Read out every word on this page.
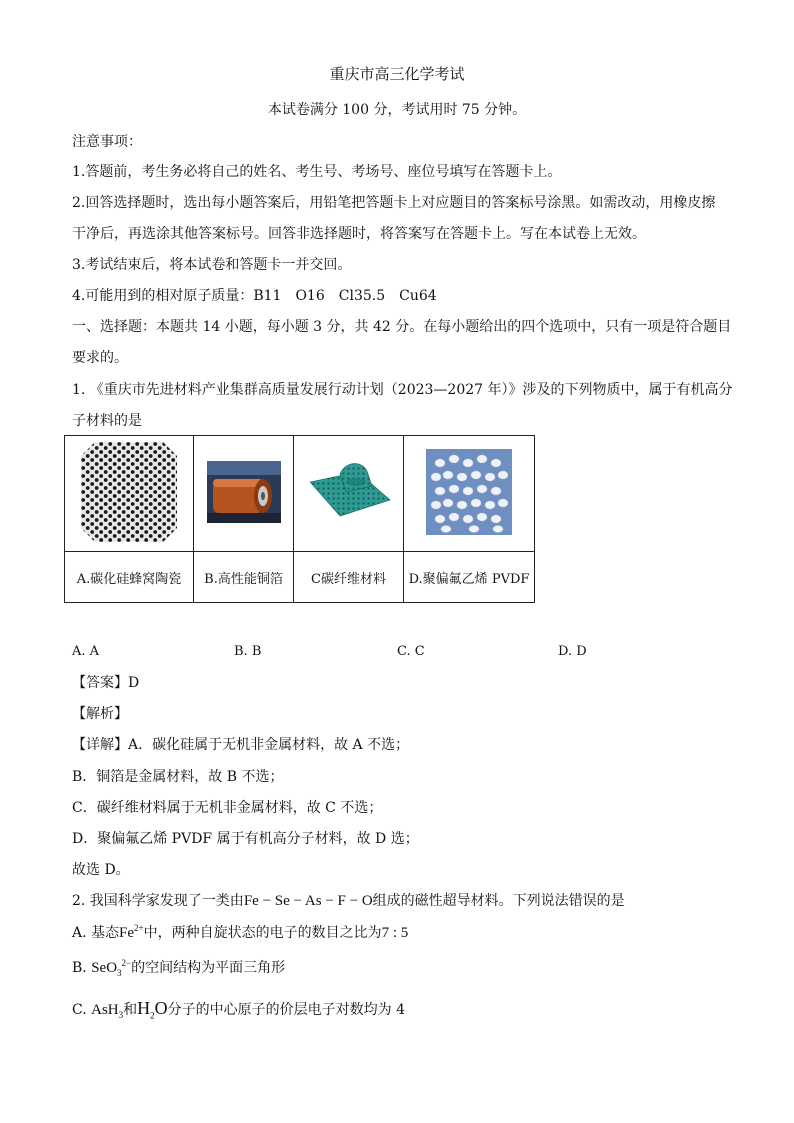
重庆市高三化学考试
本试卷满分 100 分，考试用时 75 分钟。
注意事项：
1.答题前，考生务必将自己的姓名、考生号、考场号、座位号填写在答题卡上。
2.回答选择题时，选出每小题答案后，用铅笔把答题卡上对应题目的答案标号涂黑。如需改动，用橡皮擦
干净后，再选涂其他答案标号。回答非选择题时，将答案写在答题卡上。写在本试卷上无效。
3.考试结束后，将本试卷和答题卡一并交回。
4.可能用到的相对原子质量：B11　O16　Cl35.5　Cu64
一、选择题：本题共 14 小题，每小题 3 分，共 42 分。在每小题给出的四个选项中，只有一项是符合题目
要求的。
1. 《重庆市先进材料产业集群高质量发展行动计划（2023—2027 年）》涉及的下列物质中，属于有机高分
子材料的是

A.碳化硅蜂窝陶瓷	B.高性能铜箔	C碳纤维材料	D.聚偏氟乙烯 PVDF
A. A	B. B	C. C	D. D
【答案】D
【解析】
【详解】A．碳化硅属于无机非金属材料，故 A 不选；
B．铜箔是金属材料，故 B 不选；
C．碳纤维材料属于无机非金属材料，故 C 不选；
D．聚偏氟乙烯 PVDF 属于有机高分子材料，故 D 选；
故选 D。
2. 我国科学家发现了一类由Fe − Se − As − F − O组成的磁性超导材料。下列说法错误的是
A. 基态$Fe^{2+}$中，两种自旋状态的电子的数目之比为7 : 5
B. SeO$_3^{2-}$的空间结构为平面三角形
C. AsH$_3$和$H_2O$分子的中心原子的价层电子对数均为 4
